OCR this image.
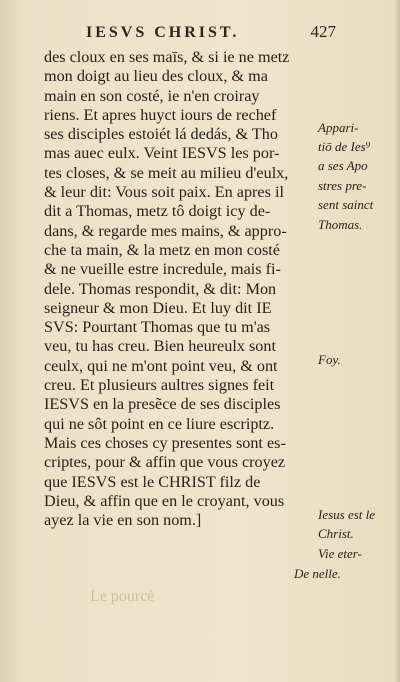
IESVS CHRIST.	427
des cloux en ses maīs, & si ie ne metz
mon doigt au lieu des cloux, & ma
main en son costé, ie n'en croiray
riens. Et apres huyct iours de rechef
ses disciples estoiét lá dedás, & Tho
mas auec eulx. Veint IESVS les por-
tes closes, & se meit au milieu d'eulx,
& leur dit: Vous soit paix. En apres il
dit a Thomas, metz tô doigt icy de-
dans, & regarde mes mains, & appro-
che ta main, & la metz en mon costé
& ne vueille estre incredule, mais fi-
dele. Thomas respondit, & dit: Mon
seigneur & mon Dieu. Et luy dit IE
SVS: Pourtant Thomas que tu m'as
veu, tu has creu. Bien heureulx sont
ceulx, qui ne m'ont point veu, & ont
creu. Et plusieurs aultres signes feit
IESVS en la presẽce de ses disciples
qui ne sôt point en ce liure escriptz.
Mais ces choses cy presentes sont es-
criptes, pour & affin que vous croyez
que IESVS est le CHRIST filz de
Dieu, & affin que en le croyant, vous
ayez la vie en son nom.]
Appari-
tiō de Ies⁹
a ses Apo
stres pre-
sent sainct
Thomas.
Foy.
Iesus est le
Christ.
Vie eter-
De nelle.
Le pourcè
